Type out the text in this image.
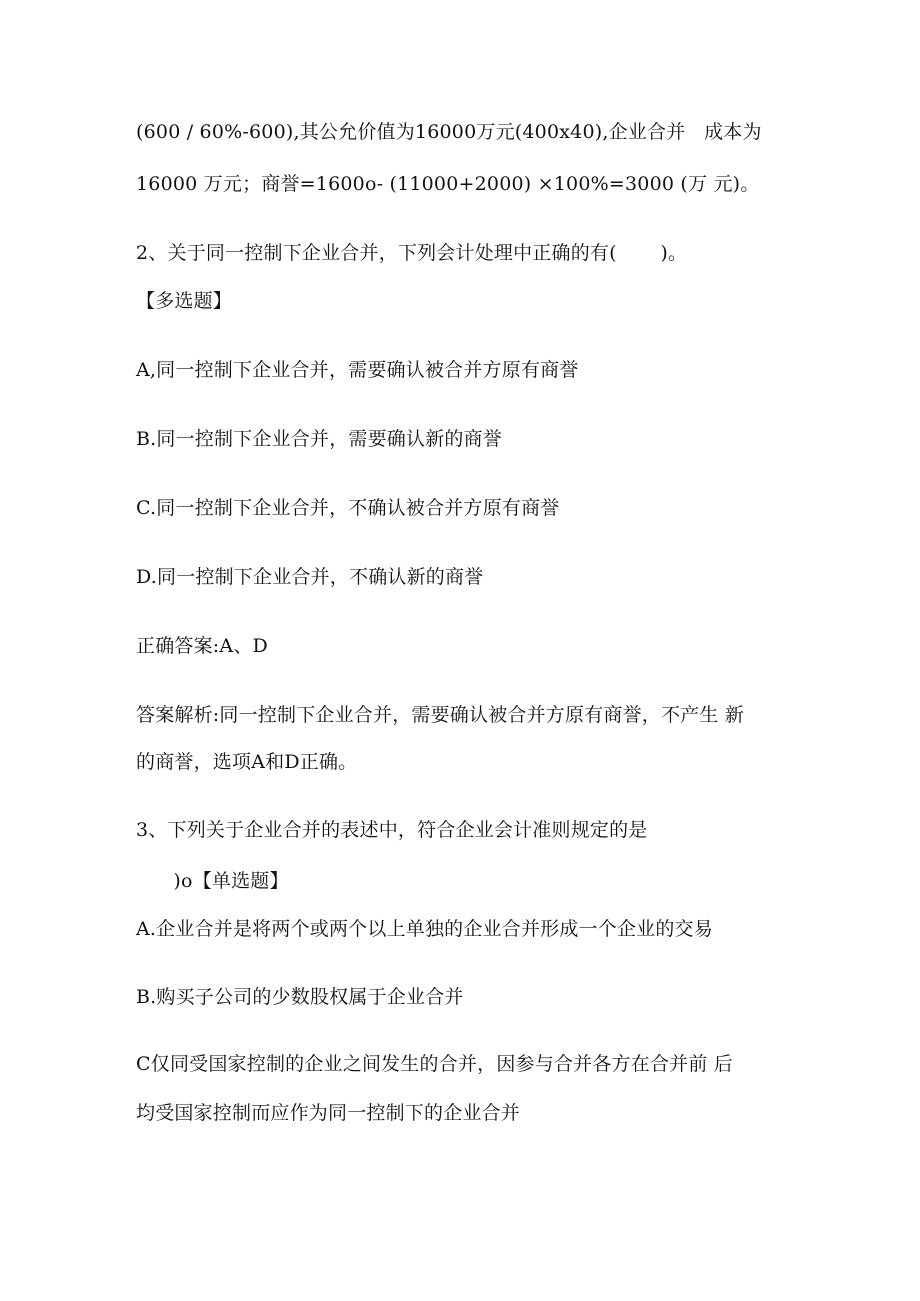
(600 / 60%-600),其公允价值为16000万元(400x40),企业合并   成本为
16000 万元；商誉=1600o- (11000+2000) ×100%=3000 (万 元)。
2、关于同一控制下企业合并，下列会计处理中正确的有(       )。
【多选题】
A,同一控制下企业合并，需要确认被合并方原有商誉
B.同一控制下企业合并，需要确认新的商誉
C.同一控制下企业合并，不确认被合并方原有商誉
D.同一控制下企业合并，不确认新的商誉
正确答案:A、D
答案解析:同一控制下企业合并，需要确认被合并方原有商誉，不产生 新
的商誉，选项A和D正确。
3、下列关于企业合并的表述中，符合企业会计准则规定的是
)o【单选题】
A.企业合并是将两个或两个以上单独的企业合并形成一个企业的交易
B.购买子公司的少数股权属于企业合并
C仅同受国家控制的企业之间发生的合并，因参与合并各方在合并前 后
均受国家控制而应作为同一控制下的企业合并
